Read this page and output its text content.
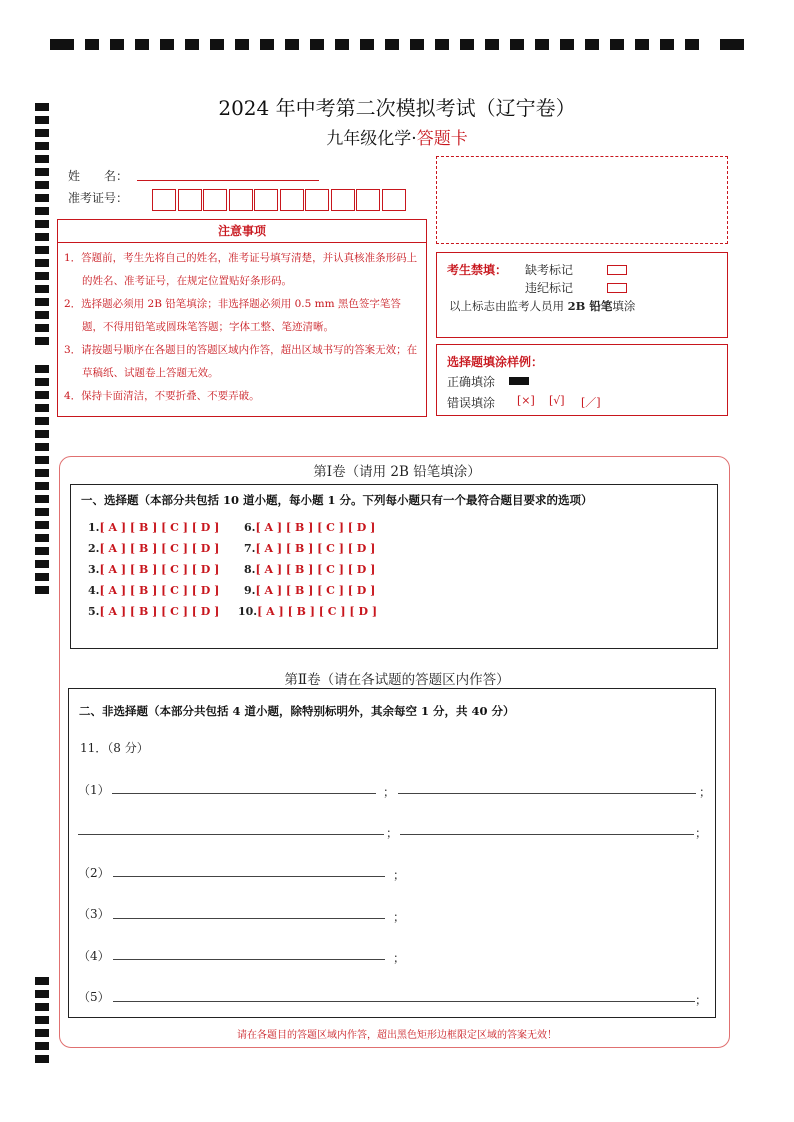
2024 年中考第二次模拟考试（辽宁卷）
九年级化学·答题卡
姓　　名：
准考证号：
注意事项
1．答题前，考生先将自己的姓名，准考证号填写清楚，并认真核准条形码上的姓名、准考证号，在规定位置贴好条形码。
2．选择题必须用 2B 铅笔填涂；非选择题必须用 0.5 mm 黑色签字笔答题，不得用铅笔或圆珠笔答题；字体工整、笔迹清晰。
3．请按题号顺序在各题目的答题区域内作答，超出区域书写的答案无效；在草稿纸、试题卷上答题无效。
4．保持卡面清洁，不要折叠、不要弄破。
考生禁填： 缺考标记
违纪标记
以上标志由监考人员用 2B 铅笔填涂
选择题填涂样例：
正确填涂
错误填涂 [×] [√] [／]
第Ⅰ卷（请用 2B 铅笔填涂）
一、选择题（本部分共包括 10 道小题，每小题 1 分。下列每小题只有一个最符合题目要求的选项）
1.[ A ] [ B ] [ C ] [ D ]
2.[ A ] [ B ] [ C ] [ D ]
3.[ A ] [ B ] [ C ] [ D ]
4.[ A ] [ B ] [ C ] [ D ]
5.[ A ] [ B ] [ C ] [ D ]
6.[ A ] [ B ] [ C ] [ D ]
7.[ A ] [ B ] [ C ] [ D ]
8.[ A ] [ B ] [ C ] [ D ]
9.[ A ] [ B ] [ C ] [ D ]
10.[ A ] [ B ] [ C ] [ D ]
第Ⅱ卷（请在各试题的答题区内作答）
二、非选择题（本部分共包括 4 道小题，除特别标明外，其余每空 1 分，共 40 分）
11．（8 分）
（1）	；	；
；	；
（2）	；
（3）	；
（4）	；
（5）	；
请在各题目的答题区域内作答，超出黑色矩形边框限定区域的答案无效！
